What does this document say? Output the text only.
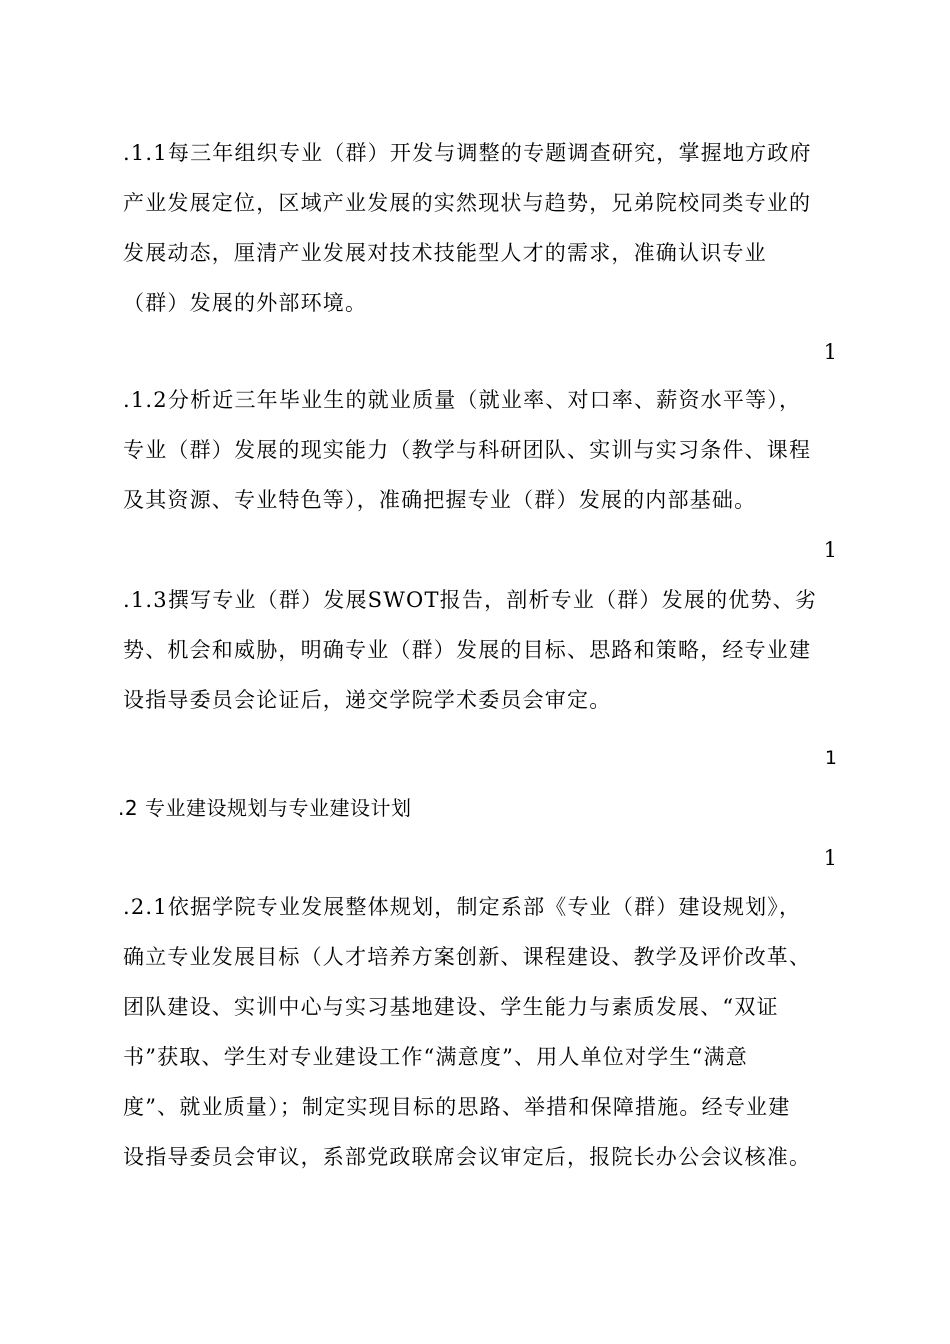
.1.1每三年组织专业（群）开发与调整的专题调查研究，掌握地方政府
产业发展定位，区域产业发展的实然现状与趋势，兄弟院校同类专业的
发展动态，厘清产业发展对技术技能型人才的需求，准确认识专业
（群）发展的外部环境。

1

.1.2分析近三年毕业生的就业质量（就业率、对口率、薪资水平等），
专业（群）发展的现实能力（教学与科研团队、实训与实习条件、课程
及其资源、专业特色等），准确把握专业（群）发展的内部基础。

1

.1.3撰写专业（群）发展SWOT报告，剖析专业（群）发展的优势、劣
势、机会和威胁，明确专业（群）发展的目标、思路和策略，经专业建
设指导委员会论证后，递交学院学术委员会审定。

1

.2 专业建设规划与专业建设计划

1

.2.1依据学院专业发展整体规划，制定系部《专业（群）建设规划》，
确立专业发展目标（人才培养方案创新、课程建设、教学及评价改革、
团队建设、实训中心与实习基地建设、学生能力与素质发展、“双证
书”获取、学生对专业建设工作“满意度”、用人单位对学生“满意
度”、就业质量）；制定实现目标的思路、举措和保障措施。经专业建
设指导委员会审议，系部党政联席会议审定后，报院长办公会议核准。
